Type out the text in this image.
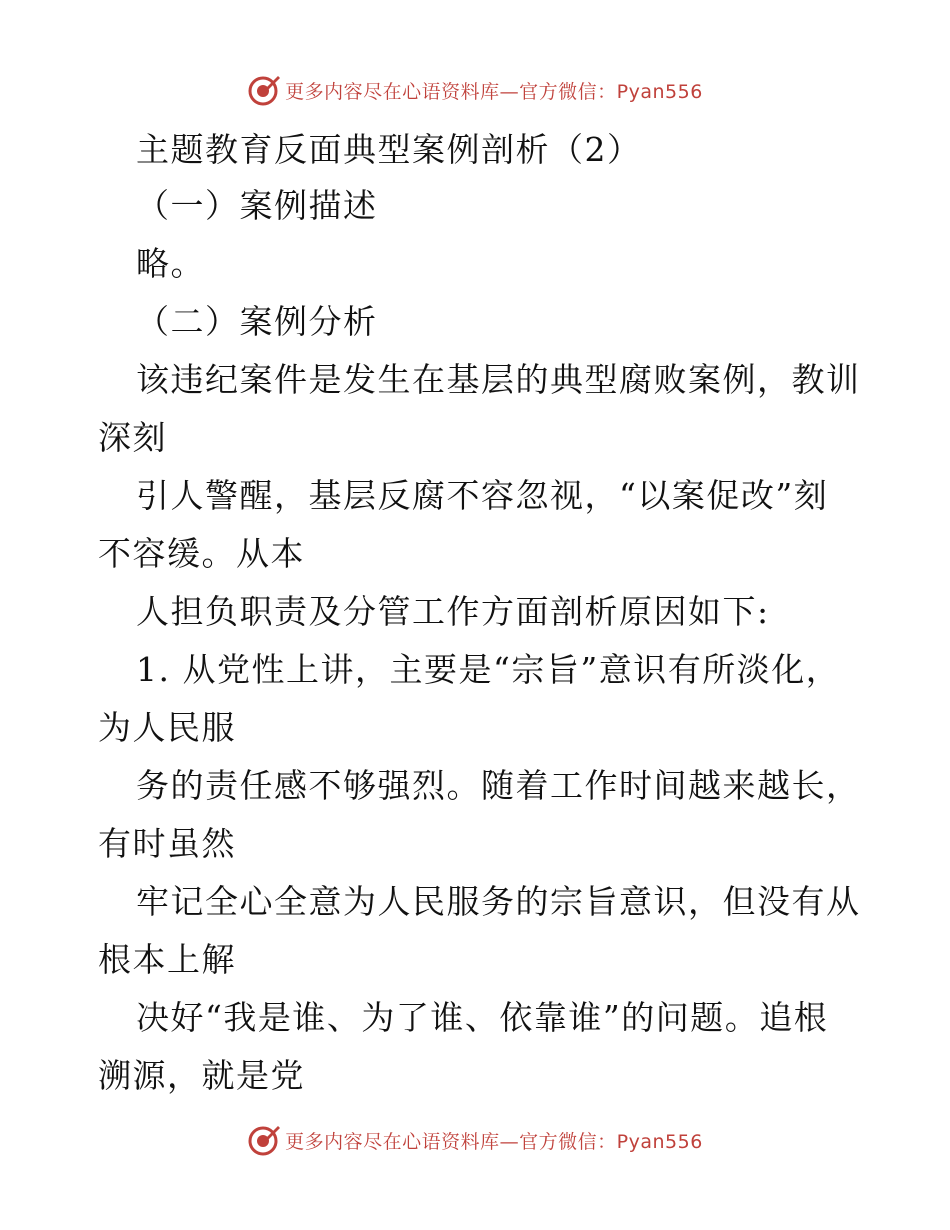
更多内容尽在心语资料库—官方微信：Pyan556
主题教育反面典型案例剖析（2）
（一）案例描述
略。
（二）案例分析
该违纪案件是发生在基层的典型腐败案例，教训
深刻
引人警醒，基层反腐不容忽视，“以案促改”刻
不容缓。从本
人担负职责及分管工作方面剖析原因如下:
1. 从党性上讲，主要是“宗旨”意识有所淡化，
为人民服
务的责任感不够强烈。随着工作时间越来越长，
有时虽然
牢记全心全意为人民服务的宗旨意识，但没有从
根本上解
决好“我是谁、为了谁、依靠谁”的问题。追根
溯源，就是党
更多内容尽在心语资料库—官方微信：Pyan556
